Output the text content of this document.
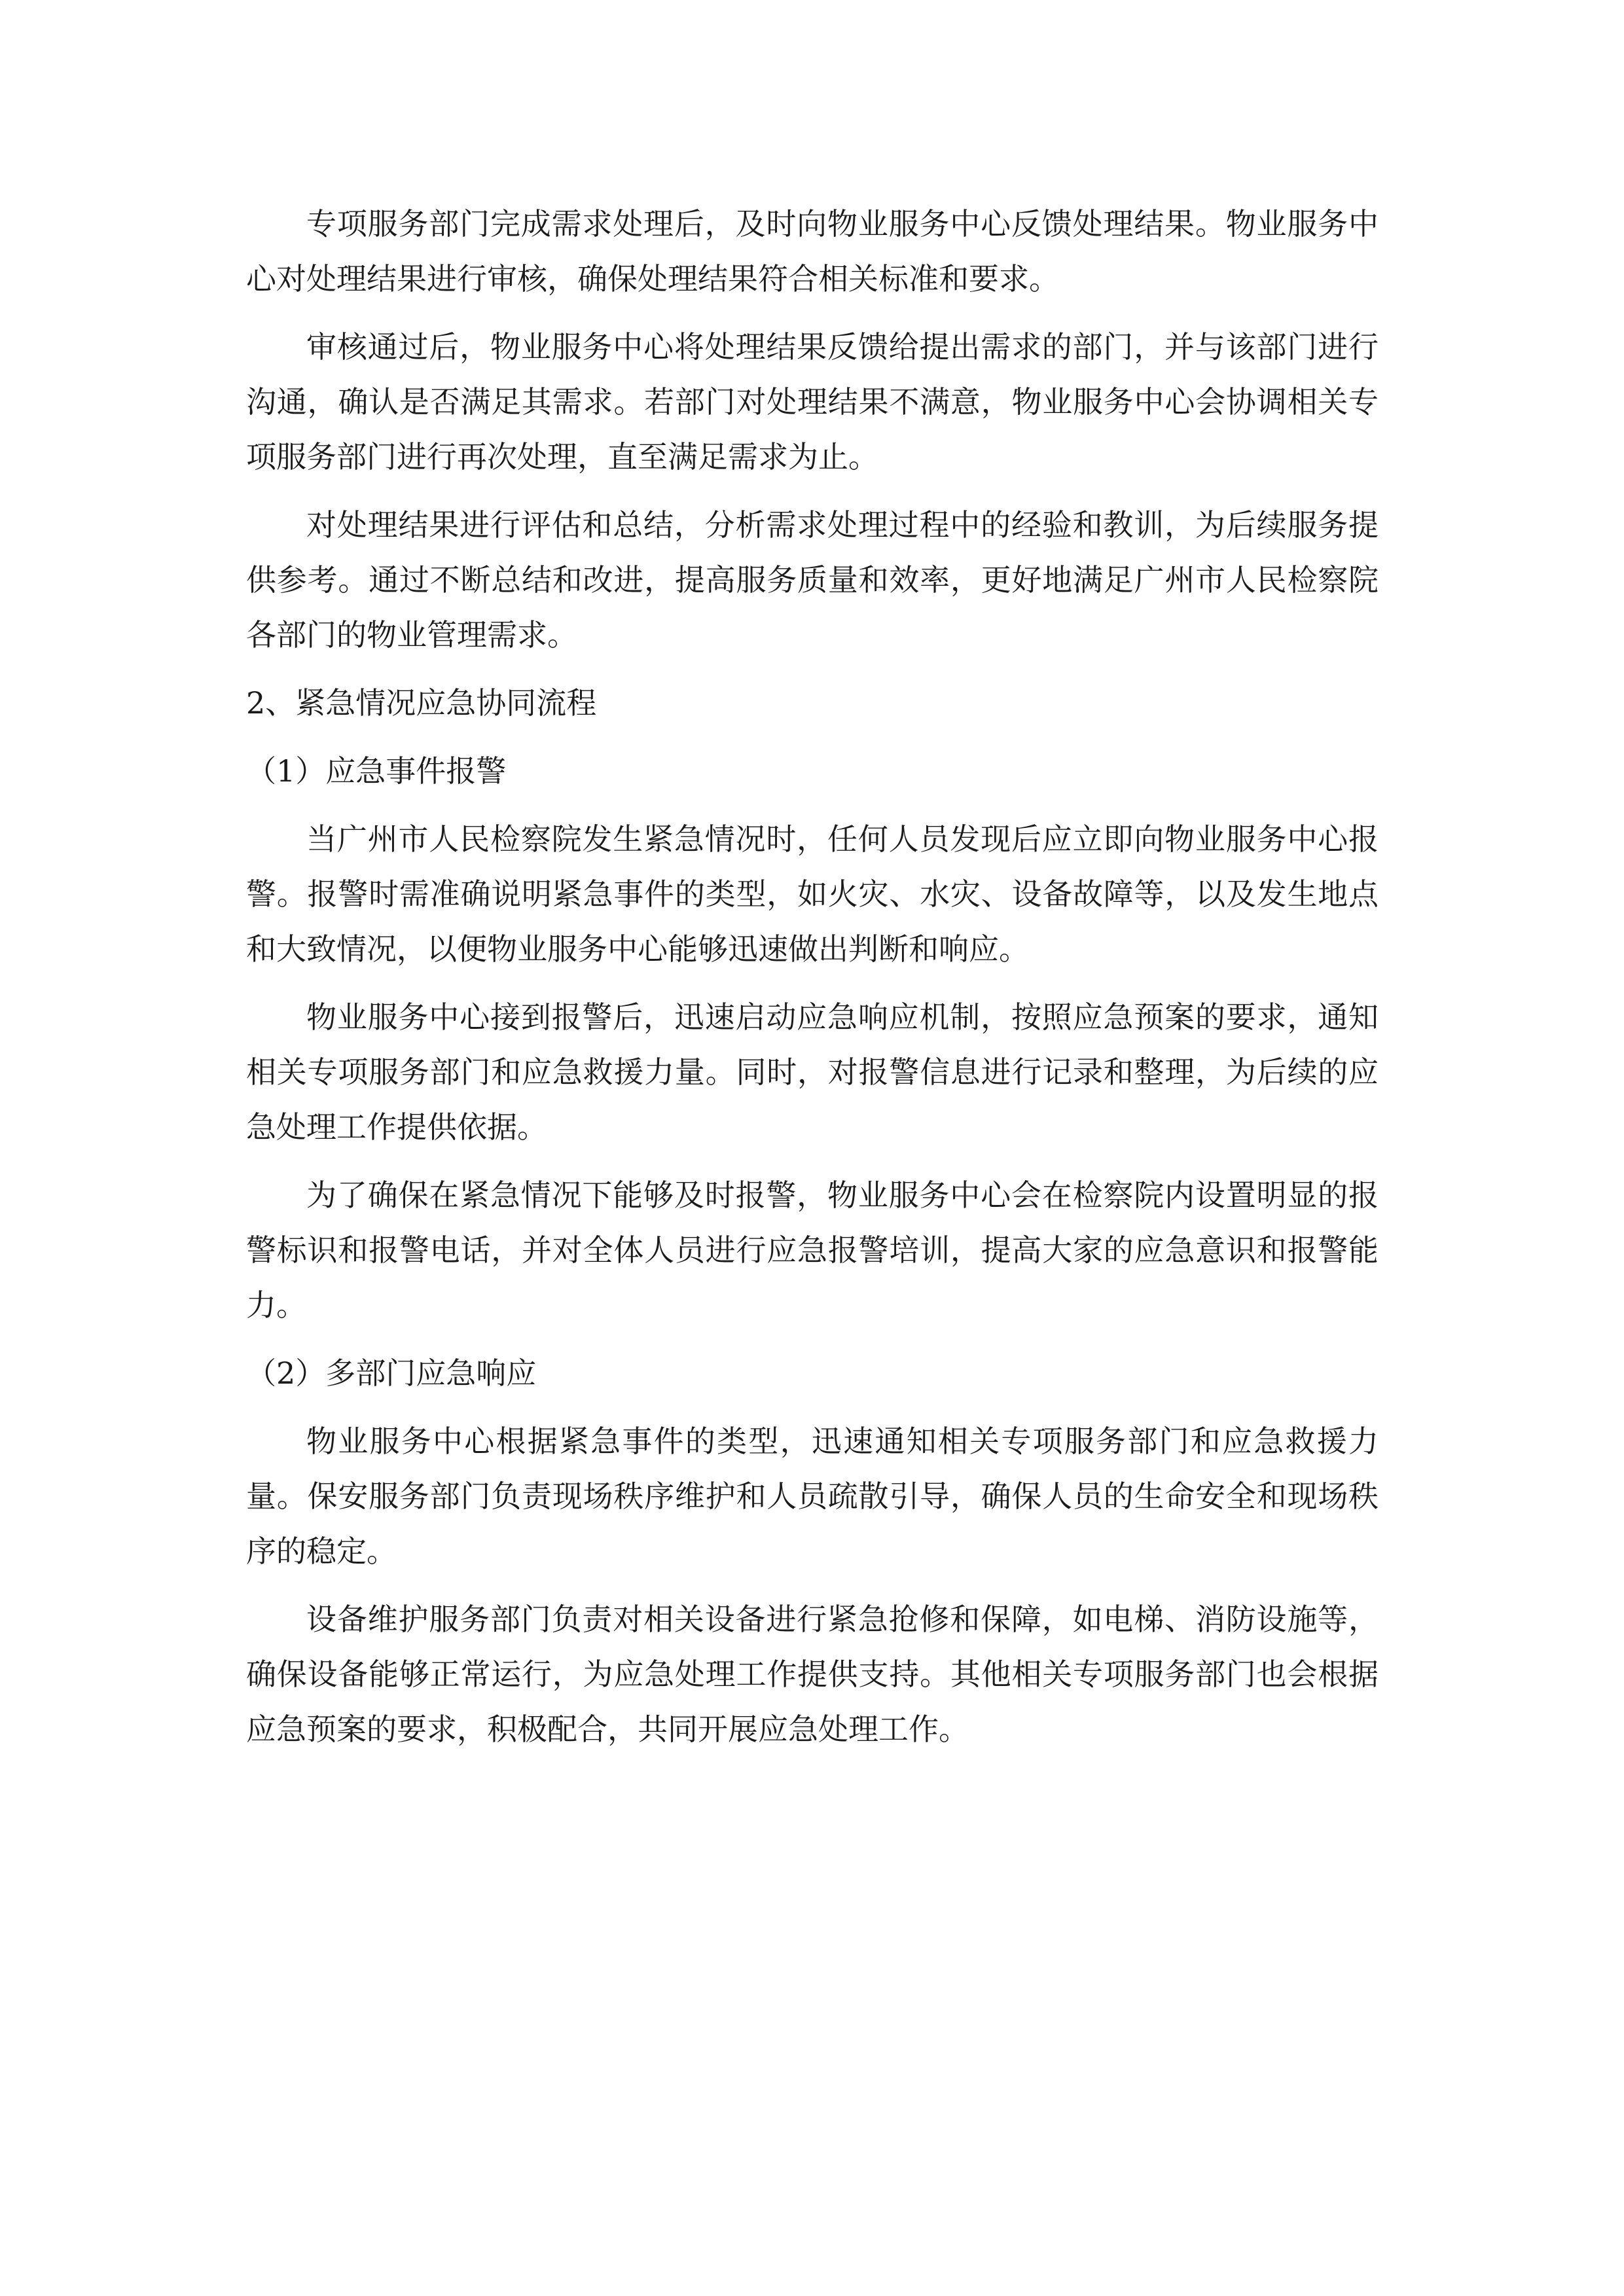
专项服务部门完成需求处理后，及时向物业服务中心反馈处理结果。物业服务中心对处理结果进行审核，确保处理结果符合相关标准和要求。

审核通过后，物业服务中心将处理结果反馈给提出需求的部门，并与该部门进行沟通，确认是否满足其需求。若部门对处理结果不满意，物业服务中心会协调相关专项服务部门进行再次处理，直至满足需求为止。

对处理结果进行评估和总结，分析需求处理过程中的经验和教训，为后续服务提供参考。通过不断总结和改进，提高服务质量和效率，更好地满足广州市人民检察院各部门的物业管理需求。

2、紧急情况应急协同流程

（1）应急事件报警

当广州市人民检察院发生紧急情况时，任何人员发现后应立即向物业服务中心报警。报警时需准确说明紧急事件的类型，如火灾、水灾、设备故障等，以及发生地点和大致情况，以便物业服务中心能够迅速做出判断和响应。

物业服务中心接到报警后，迅速启动应急响应机制，按照应急预案的要求，通知相关专项服务部门和应急救援力量。同时，对报警信息进行记录和整理，为后续的应急处理工作提供依据。

为了确保在紧急情况下能够及时报警，物业服务中心会在检察院内设置明显的报警标识和报警电话，并对全体人员进行应急报警培训，提高大家的应急意识和报警能力。

（2）多部门应急响应

物业服务中心根据紧急事件的类型，迅速通知相关专项服务部门和应急救援力量。保安服务部门负责现场秩序维护和人员疏散引导，确保人员的生命安全和现场秩序的稳定。

设备维护服务部门负责对相关设备进行紧急抢修和保障，如电梯、消防设施等，确保设备能够正常运行，为应急处理工作提供支持。其他相关专项服务部门也会根据应急预案的要求，积极配合，共同开展应急处理工作。
